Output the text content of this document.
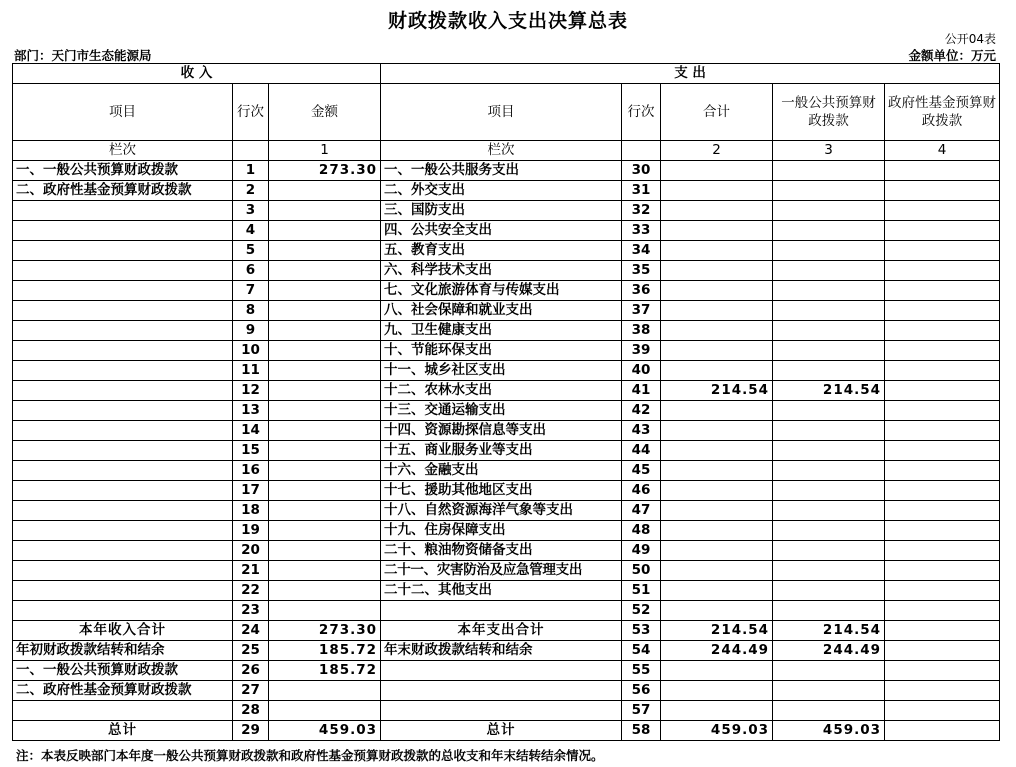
财政拨款收入支出决算总表
公开04表
部门：天门市生态能源局	金额单位：万元
收 入			支 出				
项目	行次	金额	项目	行次	合计	一般公共预算财政拨款	政府性基金预算财政拨款
栏次		1	栏次		2	3	4
一、一般公共预算财政拨款	1	273.30	一、一般公共服务支出	30			
二、政府性基金预算财政拨款	2		二、外交支出	31			
	3		三、国防支出	32			
	4		四、公共安全支出	33			
	5		五、教育支出	34			
	6		六、科学技术支出	35			
	7		七、文化旅游体育与传媒支出	36			
	8		八、社会保障和就业支出	37			
	9		九、卫生健康支出	38			
	10		十、节能环保支出	39			
	11		十一、城乡社区支出	40			
	12		十二、农林水支出	41	214.54	214.54	
	13		十三、交通运输支出	42			
	14		十四、资源勘探信息等支出	43			
	15		十五、商业服务业等支出	44			
	16		十六、金融支出	45			
	17		十七、援助其他地区支出	46			
	18		十八、自然资源海洋气象等支出	47			
	19		十九、住房保障支出	48			
	20		二十、粮油物资储备支出	49			
	21		二十一、灾害防治及应急管理支出	50			
	22		二十二、其他支出	51			
	23			52			
本年收入合计	24	273.30	本年支出合计	53	214.54	214.54	
年初财政拨款结转和结余	25	185.72	年末财政拨款结转和结余	54	244.49	244.49	
一、一般公共预算财政拨款	26	185.72		55			
二、政府性基金预算财政拨款	27			56			
	28			57			
总计	29	459.03	总计	58	459.03	459.03	
注：本表反映部门本年度一般公共预算财政拨款和政府性基金预算财政拨款的总收支和年末结转结余情况。
